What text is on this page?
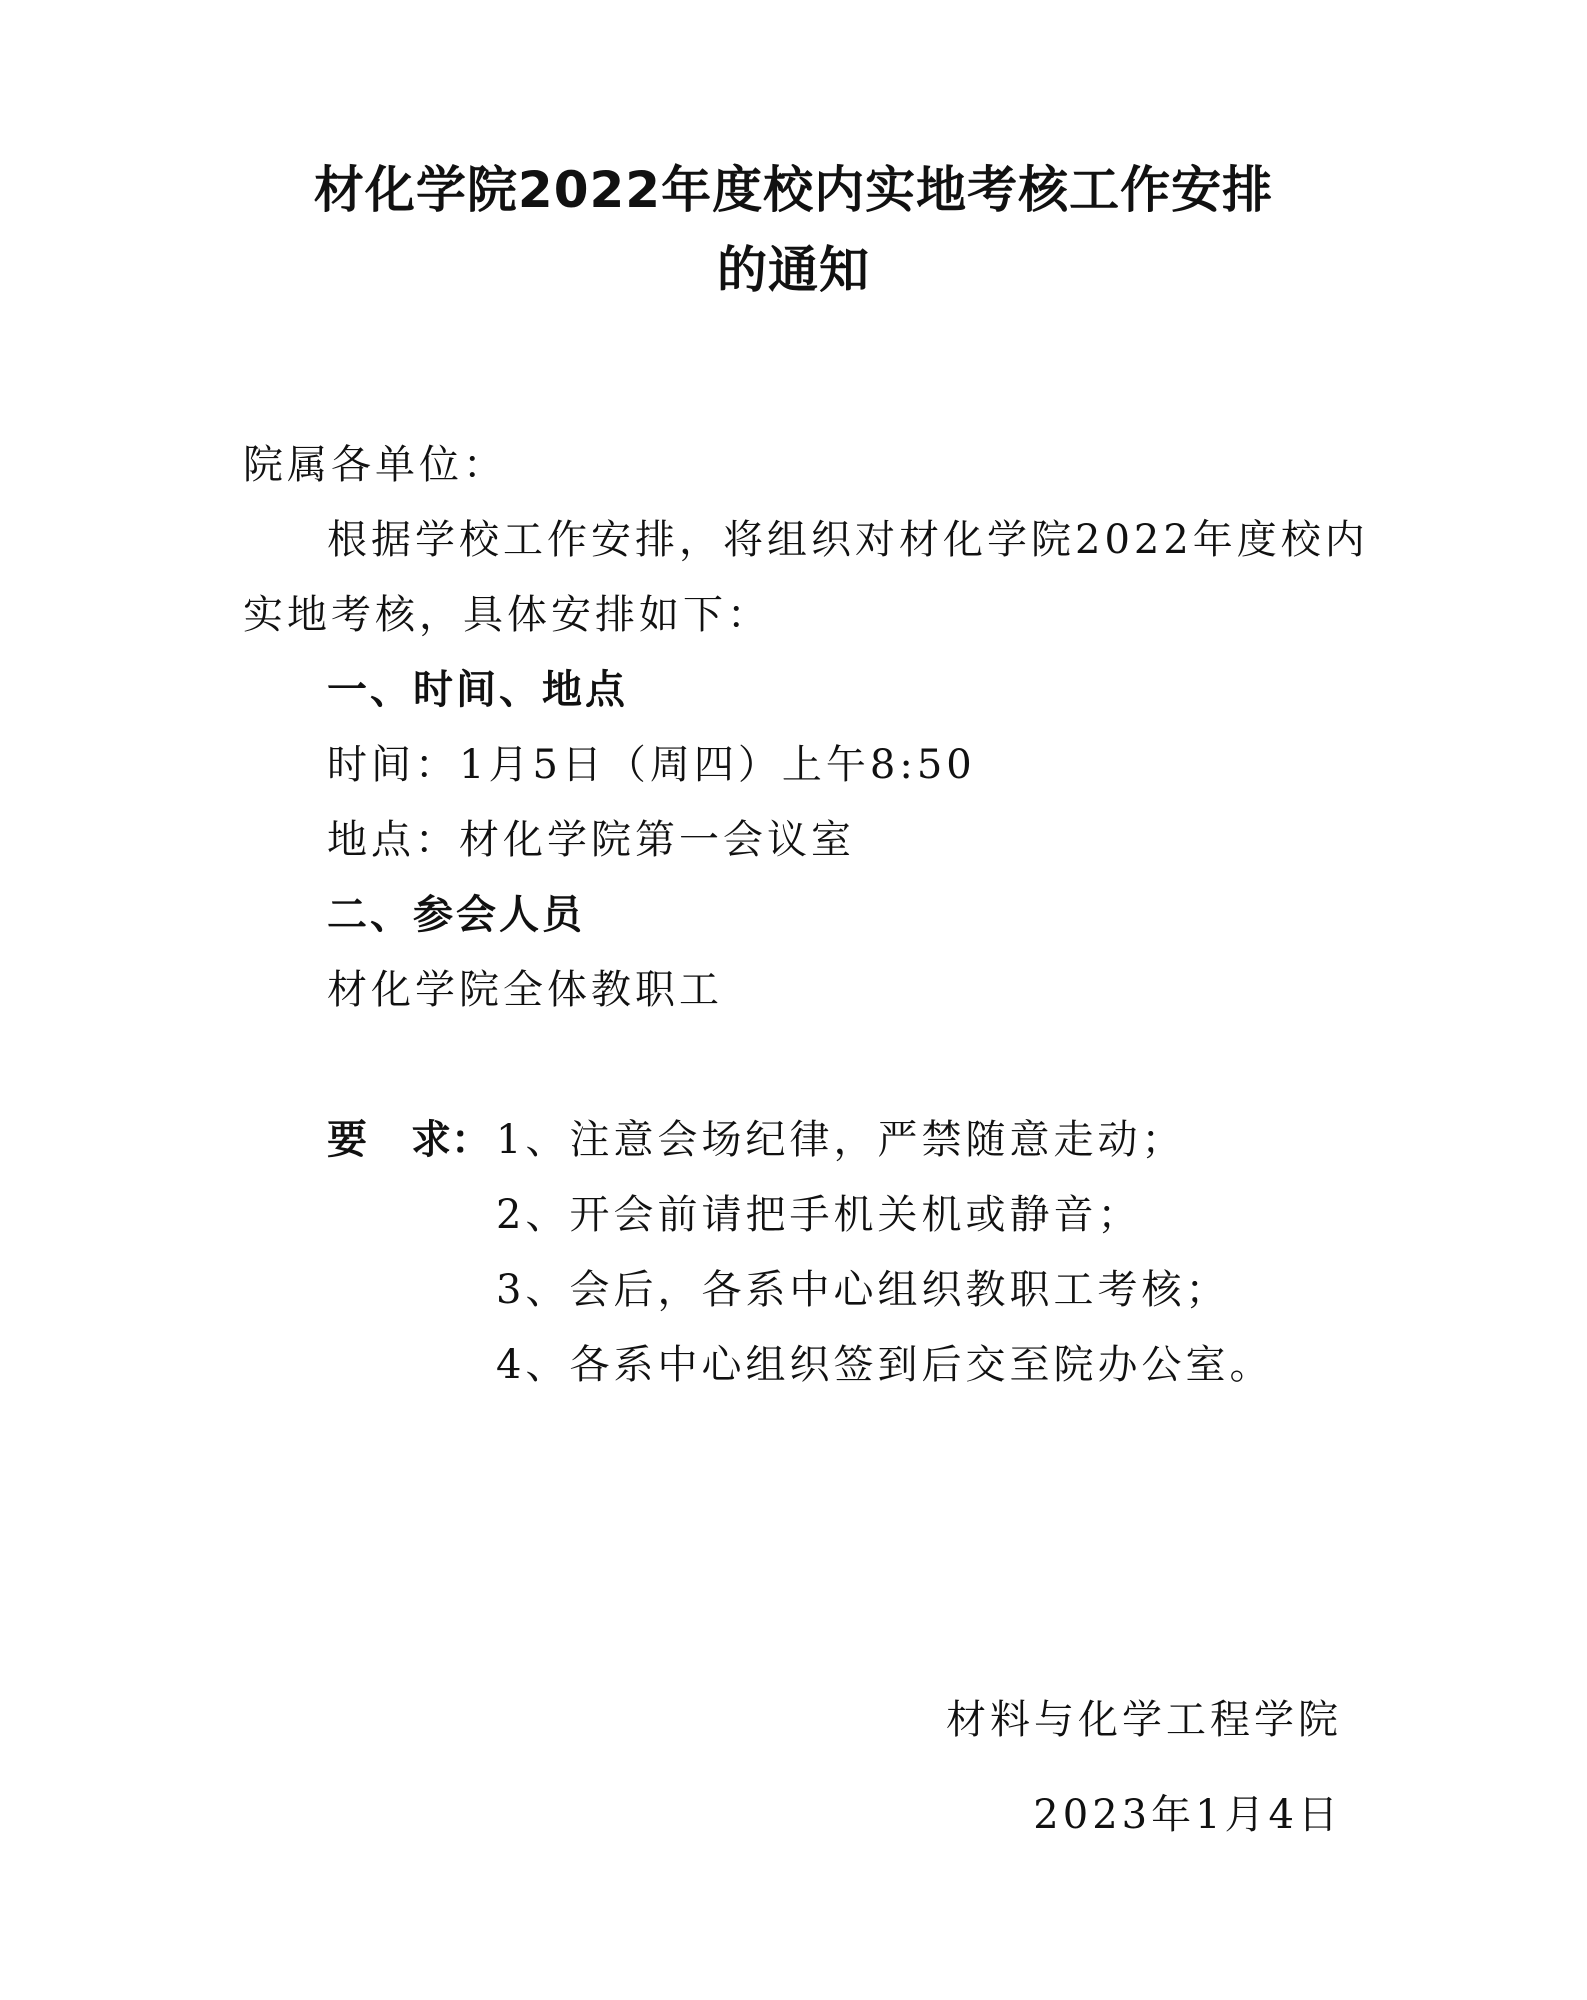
材化学院2022年度校内实地考核工作安排
的通知

院属各单位：

根据学校工作安排，将组织对材化学院2022年度校内

实地考核，具体安排如下：

一、时间、地点

时间：1月5日（周四）上午8:50

地点：材化学院第一会议室

二、参会人员

材化学院全体教职工

要 求： 1、注意会场纪律，严禁随意走动；

2、开会前请把手机关机或静音；

3、会后，各系中心组织教职工考核；

4、各系中心组织签到后交至院办公室。

材料与化学工程学院

2023年1月4日
